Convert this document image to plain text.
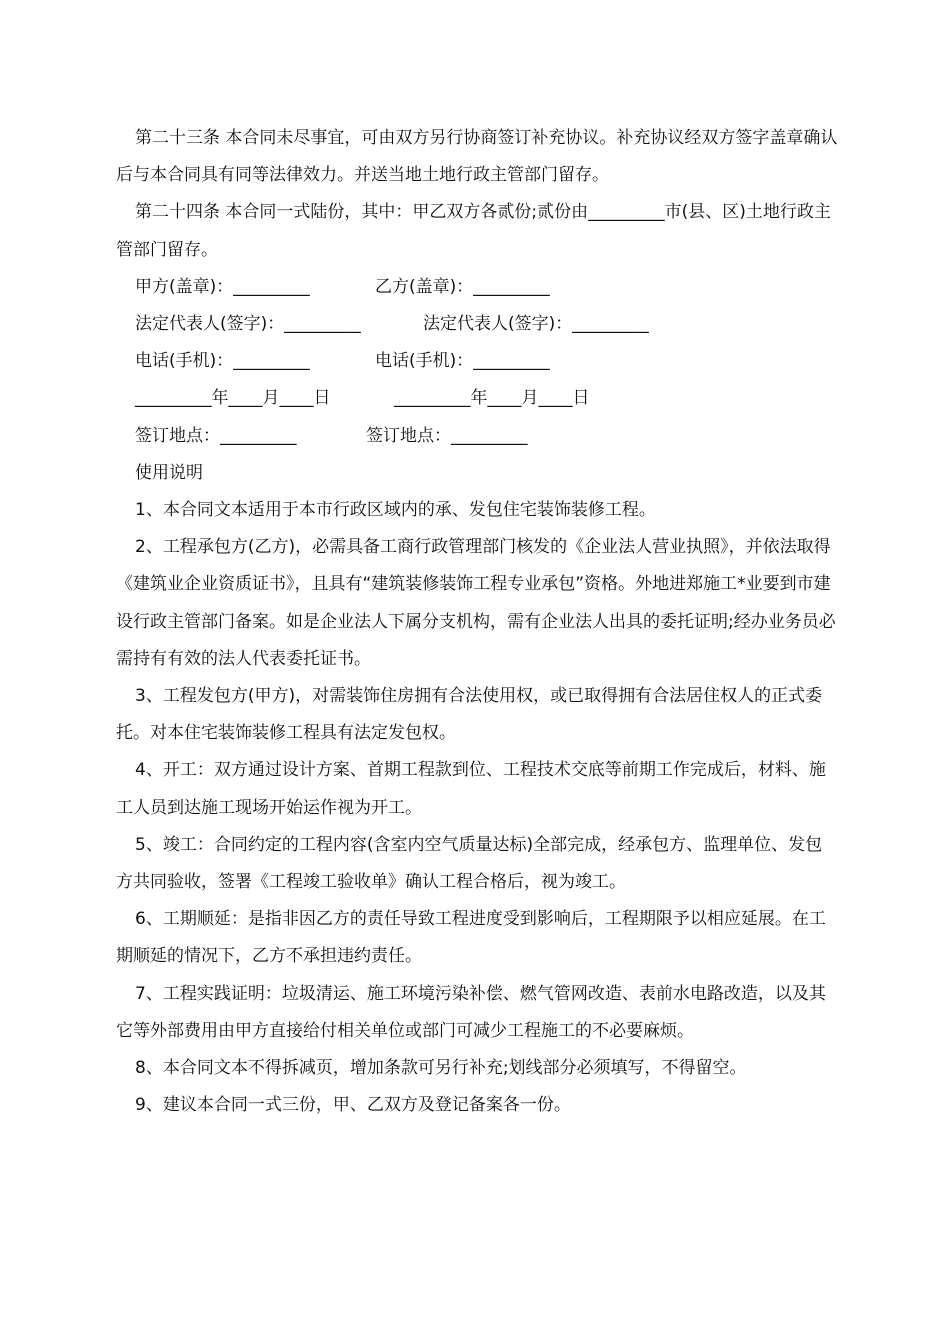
第二十三条 本合同未尽事宜，可由双方另行协商签订补充协议。补充协议经双方签字盖章确认后与本合同具有同等法律效力。并送当地土地行政主管部门留存。

第二十四条 本合同一式陆份，其中：甲乙双方各贰份;贰份由_________市(县、区)土地行政主管部门留存。

甲方(盖章)：_________	乙方(盖章)：_________
法定代表人(签字)：_________	法定代表人(签字)：_________
电话(手机)：_________	电话(手机)：_________
_________年____月____日	_________年____月____日
签订地点：_________	签订地点：_________

使用说明

1、本合同文本适用于本市行政区域内的承、发包住宅装饰装修工程。

2、工程承包方(乙方)，必需具备工商行政管理部门核发的《企业法人营业执照》，并依法取得《建筑业企业资质证书》，且具有“建筑装修装饰工程专业承包”资格。外地进郑施工*业要到市建设行政主管部门备案。如是企业法人下属分支机构，需有企业法人出具的委托证明;经办业务员必需持有有效的法人代表委托证书。

3、工程发包方(甲方)，对需装饰住房拥有合法使用权，或已取得拥有合法居住权人的正式委托。对本住宅装饰装修工程具有法定发包权。

4、开工：双方通过设计方案、首期工程款到位、工程技术交底等前期工作完成后，材料、施工人员到达施工现场开始运作视为开工。

5、竣工：合同约定的工程内容(含室内空气质量达标)全部完成，经承包方、监理单位、发包方共同验收，签署《工程竣工验收单》确认工程合格后，视为竣工。

6、工期顺延：是指非因乙方的责任导致工程进度受到影响后，工程期限予以相应延展。在工期顺延的情况下，乙方不承担违约责任。

7、工程实践证明：垃圾清运、施工环境污染补偿、燃气管网改造、表前水电路改造，以及其它等外部费用由甲方直接给付相关单位或部门可减少工程施工的不必要麻烦。

8、本合同文本不得拆减页，增加条款可另行补充;划线部分必须填写，不得留空。

9、建议本合同一式三份，甲、乙双方及登记备案各一份。
